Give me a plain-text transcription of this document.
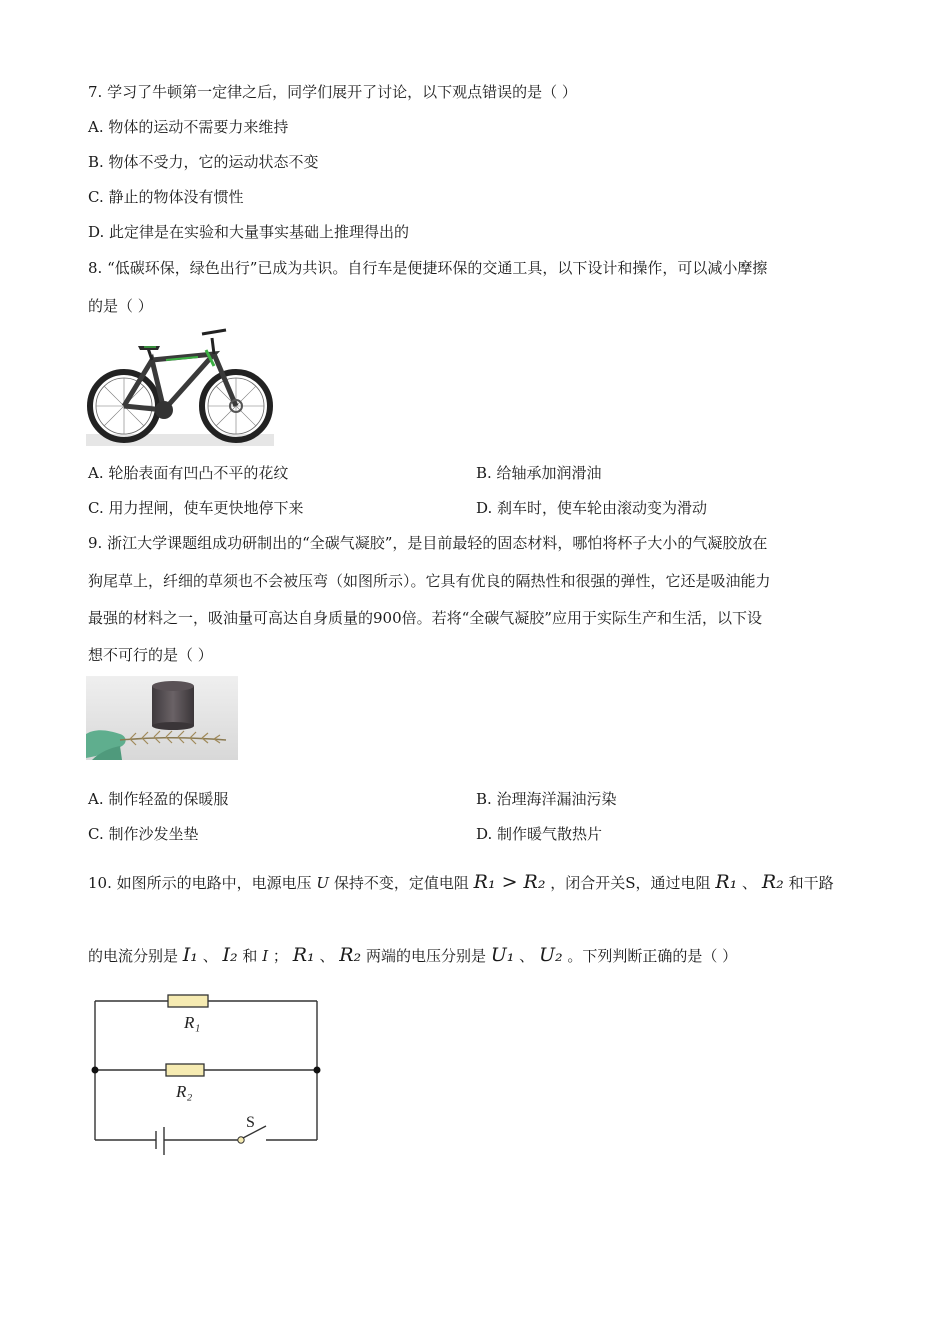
7. 学习了牛顿第一定律之后，同学们展开了讨论，以下观点错误的是（ ）
A. 物体的运动不需要力来维持
B. 物体不受力，它的运动状态不变
C. 静止的物体没有惯性
D. 此定律是在实验和大量事实基础上推理得出的
8. “低碳环保，绿色出行”已成为共识。自行车是便捷环保的交通工具，以下设计和操作，可以减小摩擦
的是（ ）
A. 轮胎表面有凹凸不平的花纹	B. 给轴承加润滑油
C. 用力捏闸，使车更快地停下来	D. 刹车时，使车轮由滚动变为滑动
9. 浙江大学课题组成功研制出的“全碳气凝胶”，是目前最轻的固态材料，哪怕将杯子大小的气凝胶放在
狗尾草上，纤细的草须也不会被压弯（如图所示）。它具有优良的隔热性和很强的弹性，它还是吸油能力
最强的材料之一，吸油量可高达自身质量的900倍。若将“全碳气凝胶”应用于实际生产和生活，以下设
想不可行的是（ ）
A. 制作轻盈的保暖服	B. 治理海洋漏油污染
C. 制作沙发坐垫	D. 制作暖气散热片
10. 如图所示的电路中，电源电压 U 保持不变，定值电阻 R₁ > R₂ ，闭合开关S，通过电阻 R₁ 、 R₂ 和干路
的电流分别是 I₁ 、 I₂ 和 I ； R₁ 、 R₂ 两端的电压分别是 U₁ 、 U₂ 。下列判断正确的是（ ）
R₁
R₂
S
